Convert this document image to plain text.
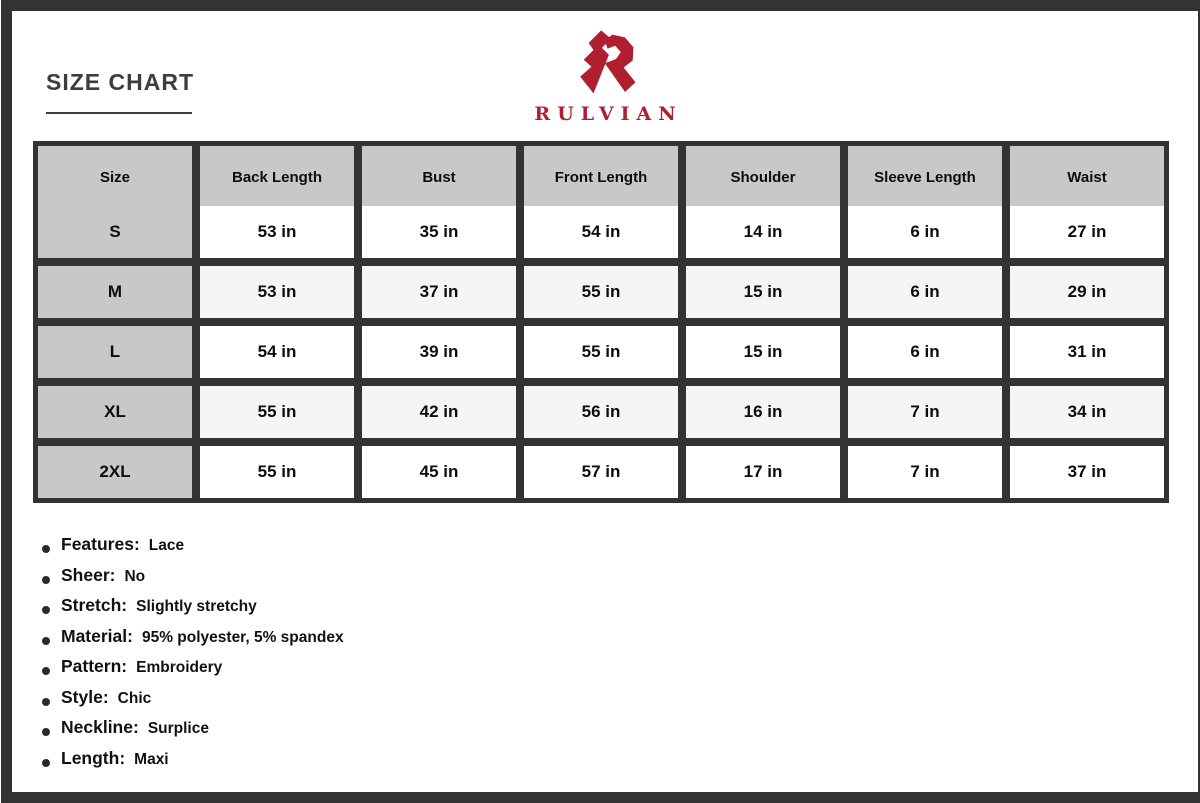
SIZE CHART
RULVIAN
Size	Back Length	Bust	Front Length	Shoulder	Sleeve Length	Waist
S	53 in	35 in	54 in	14 in	6 in	27 in
M	53 in	37 in	55 in	15 in	6 in	29 in
L	54 in	39 in	55 in	15 in	6 in	31 in
XL	55 in	42 in	56 in	16 in	7 in	34 in
2XL	55 in	45 in	57 in	17 in	7 in	37 in
Features: Lace
Sheer: No
Stretch: Slightly stretchy
Material: 95% polyester, 5% spandex
Pattern: Embroidery
Style: Chic
Neckline: Surplice
Length: Maxi
